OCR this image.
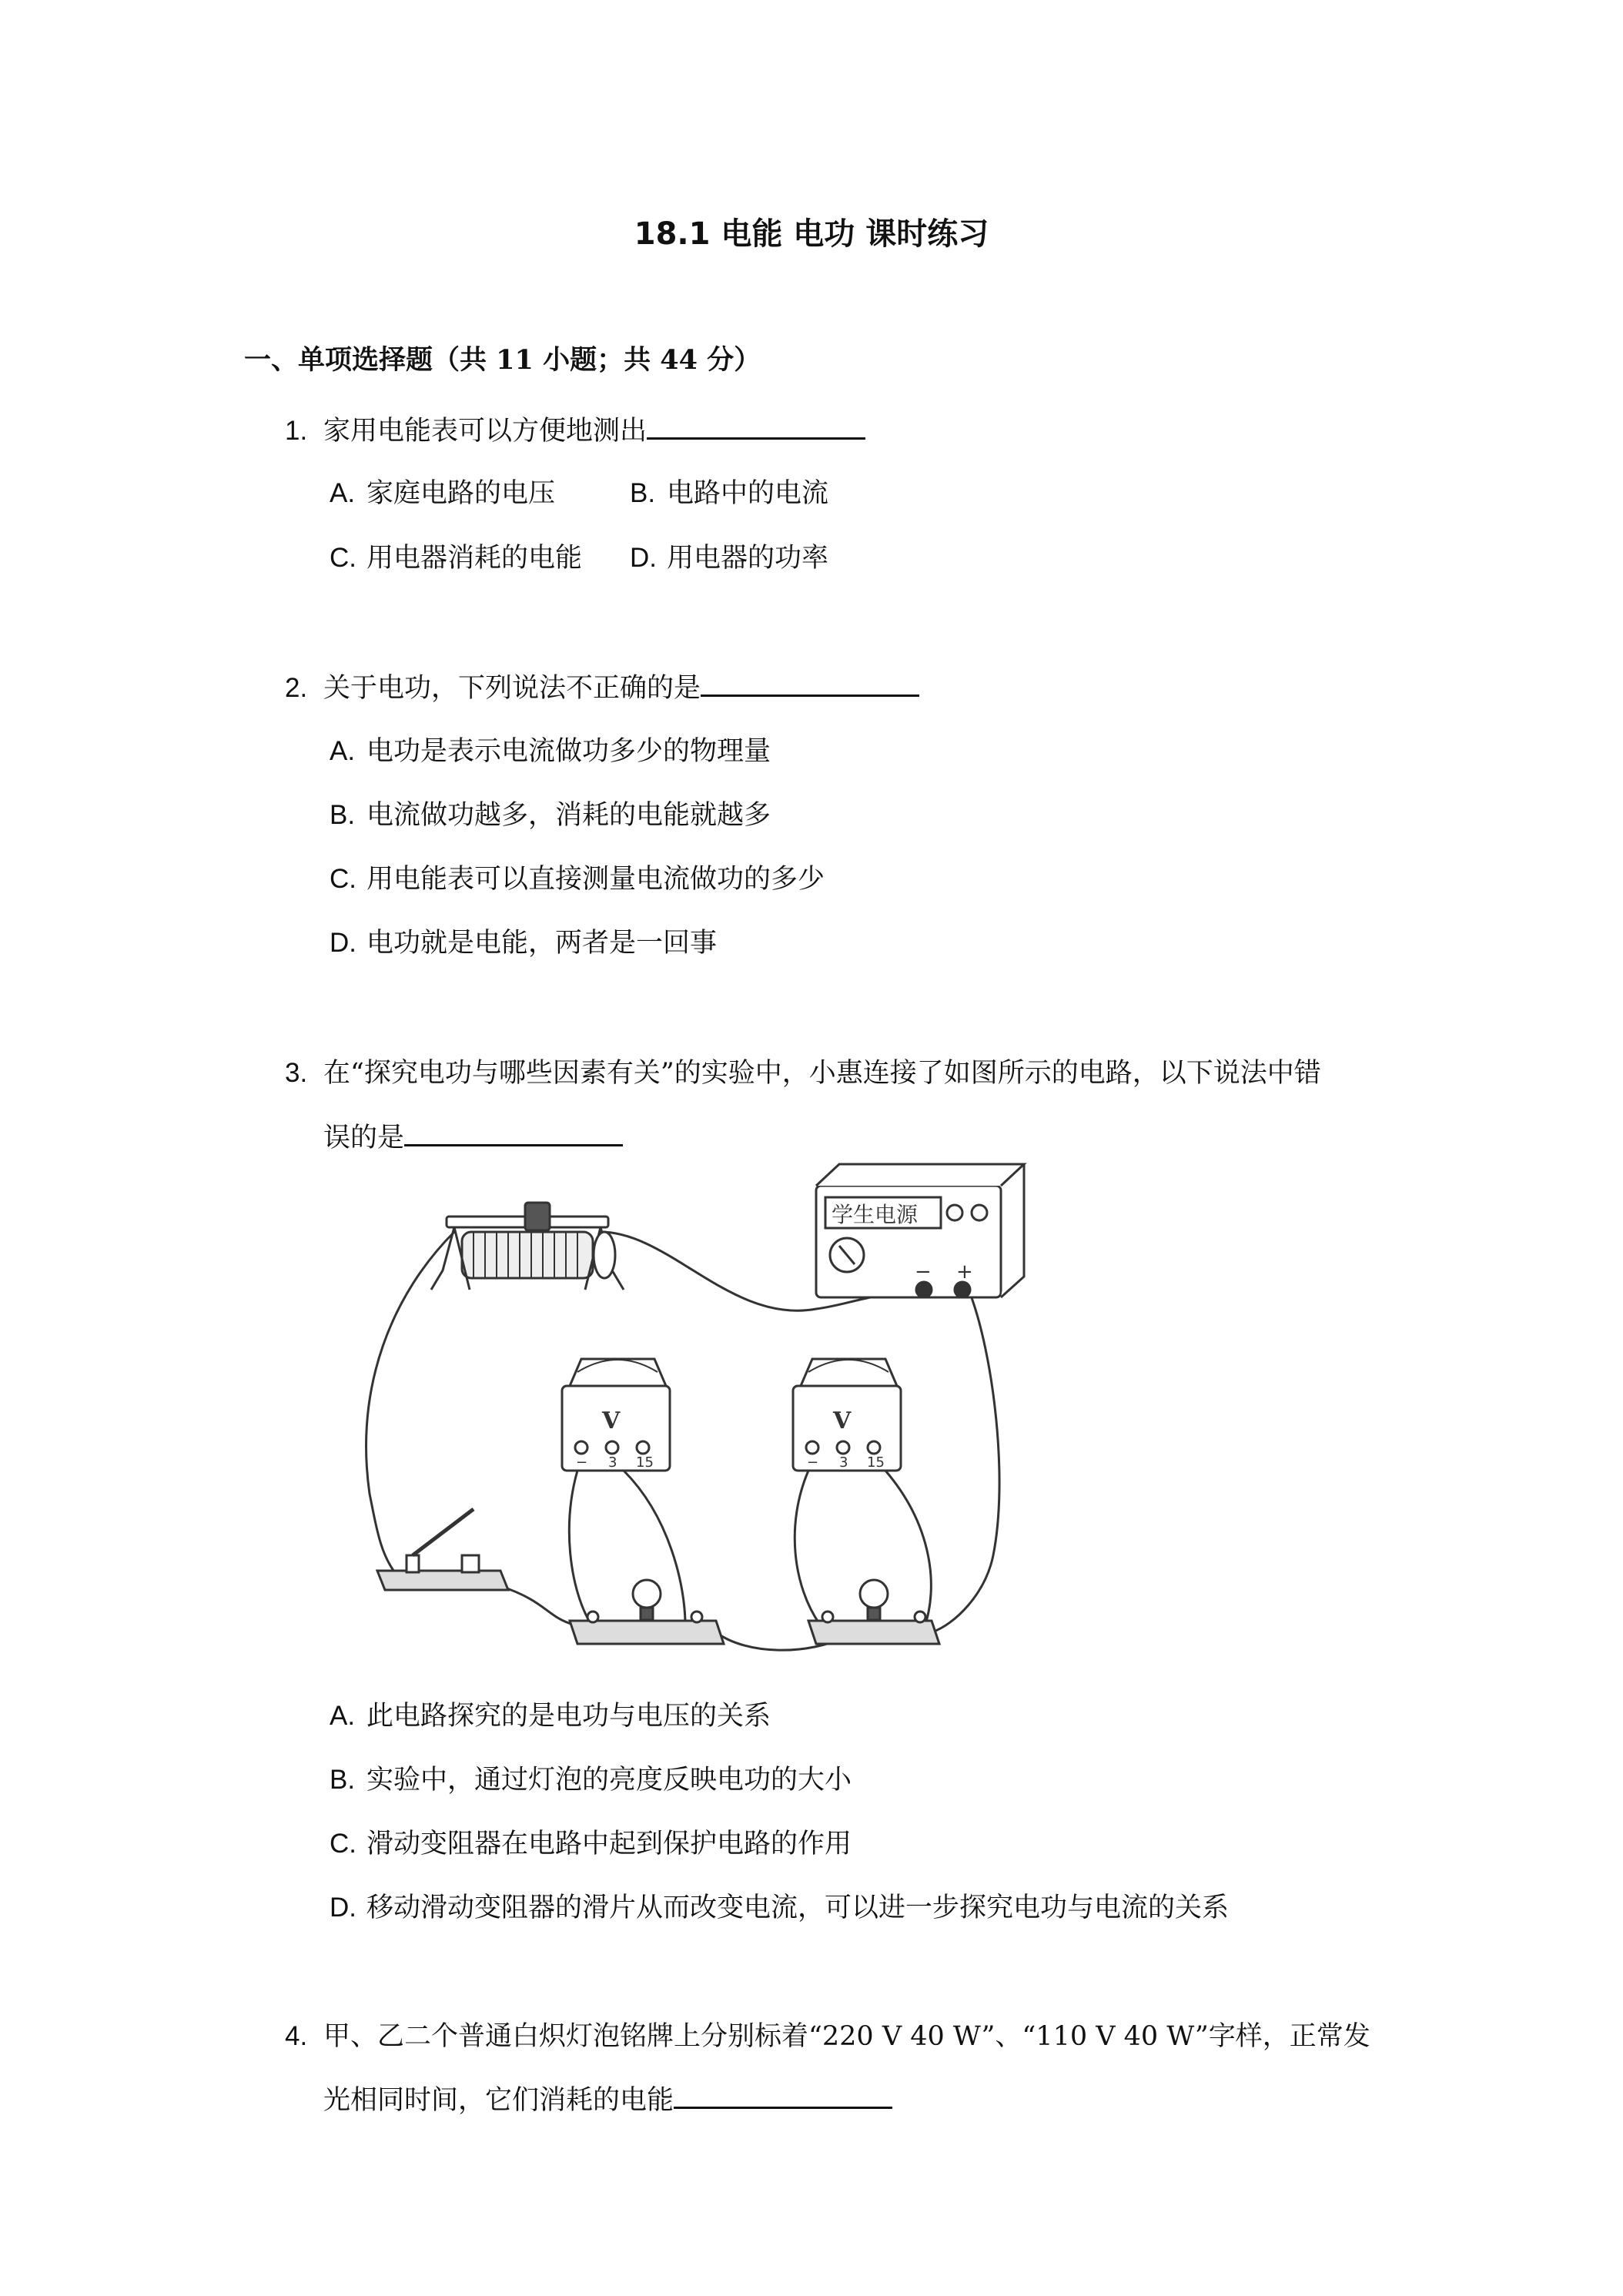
18.1 电能 电功 课时练习
一、单项选择题（共 11 小题；共 44 分）
1. 家用电能表可以方便地测出
A. 家庭电路的电压	B. 电路中的电流
C. 用电器消耗的电能 D. 用电器的功率
2. 关于电功，下列说法不正确的是
A. 电功是表示电流做功多少的物理量
B. 电流做功越多，消耗的电能就越多
C. 用电能表可以直接测量电流做功的多少
D. 电功就是电能，两者是一回事
3. 在“探究电功与哪些因素有关”的实验中，小惠连接了如图所示的电路，以下说法中错
误的是
学生电源
− +
V
− 3 15
V
− 3 15
A. 此电路探究的是电功与电压的关系
B. 实验中，通过灯泡的亮度反映电功的大小
C. 滑动变阻器在电路中起到保护电路的作用
D. 移动滑动变阻器的滑片从而改变电流，可以进一步探究电功与电流的关系
4. 甲、乙二个普通白炽灯泡铭牌上分别标着“220 V 40 W”、“110 V 40 W”字样，正常发
光相同时间，它们消耗的电能
